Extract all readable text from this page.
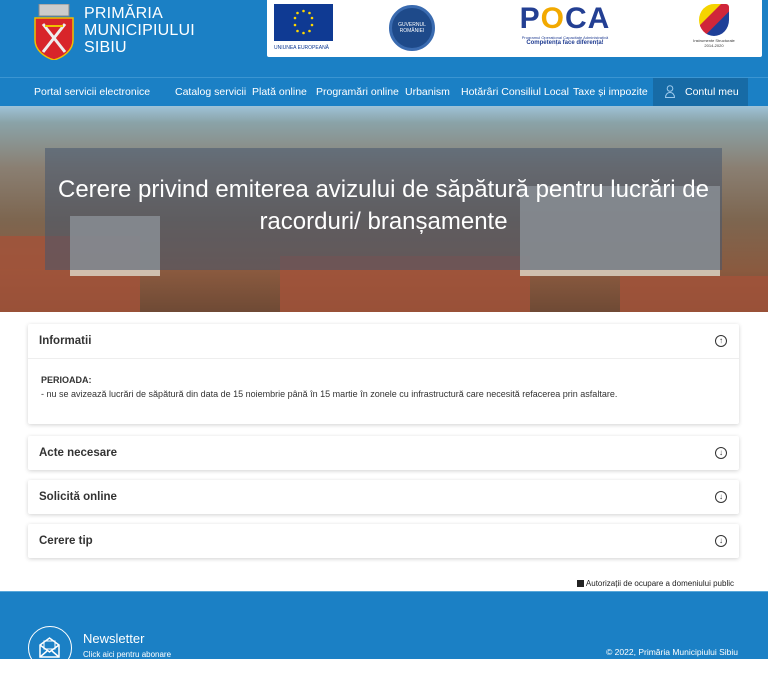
PRIMĂRIA
MUNICIPIULUI
SIBIU	UNIUNEA EUROPEANĂ
GUVERNUL ROMÂNIEI	POCA
Programul Operațional Capacitate Administrativă
Competența face diferența!	Instrumente Structurale 2014-2020
Portal servicii electronice Catalog servicii Plată online Programări online Urbanism Hotărâri Consiliul Local Taxe și impozite	Contul meu
Cerere privind emiterea avizului de săpătură pentru lucrări de racorduri/ branșamente
Informatii	↑
PERIOADA:
- nu se avizează lucrări de săpătură din data de 15 noiembrie până în 15 martie în zonele cu infrastructură care necesită refacerea prin asfaltare.
Acte necesare	↓
Solicită online	↓
Cerere tip	↓
Autorizații de ocupare a domeniului public
Newsletter
Click aici pentru abonare	© 2022, Primăria Municipiului Sibiu
